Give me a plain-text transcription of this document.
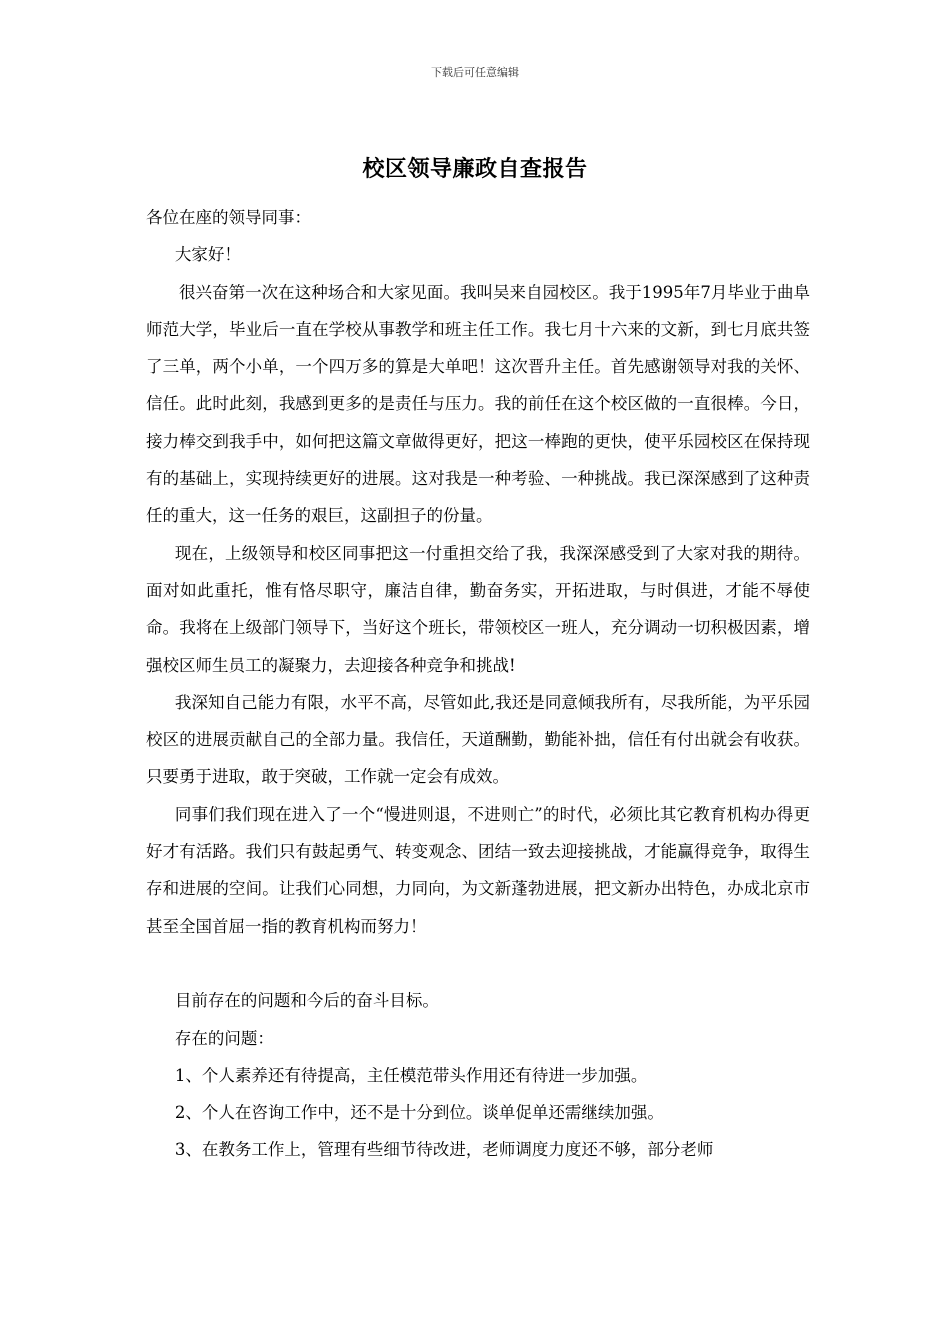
下载后可任意编辑
校区领导廉政自查报告

各位在座的领导同事：

大家好！

很兴奋第一次在这种场合和大家见面。我叫吴来自园校区。我于1995年7月毕业于曲阜师范大学，毕业后一直在学校从事教学和班主任工作。我七月十六来的文新，到七月底共签了三单，两个小单，一个四万多的算是大单吧！这次晋升主任。首先感谢领导对我的关怀、信任。此时此刻，我感到更多的是责任与压力。我的前任在这个校区做的一直很棒。今日，接力棒交到我手中，如何把这篇文章做得更好，把这一棒跑的更快，使平乐园校区在保持现有的基础上，实现持续更好的进展。这对我是一种考验、一种挑战。我已深深感到了这种责任的重大，这一任务的艰巨，这副担子的份量。

现在，上级领导和校区同事把这一付重担交给了我，我深深感受到了大家对我的期待。面对如此重托，惟有恪尽职守，廉洁自律，勤奋务实，开拓进取，与时俱进，才能不辱使命。我将在上级部门领导下，当好这个班长，带领校区一班人，充分调动一切积极因素，增强校区师生员工的凝聚力，去迎接各种竞争和挑战!

我深知自己能力有限，水平不高，尽管如此,我还是同意倾我所有，尽我所能，为平乐园校区的进展贡献自己的全部力量。我信任，天道酬勤，勤能补拙，信任有付出就会有收获。只要勇于进取，敢于突破，工作就一定会有成效。

同事们我们现在进入了一个“慢进则退，不进则亡”的时代，必须比其它教育机构办得更好才有活路。我们只有鼓起勇气、转变观念、团结一致去迎接挑战，才能赢得竞争，取得生存和进展的空间。让我们心同想，力同向，为文新蓬勃进展，把文新办出特色，办成北京市甚至全国首屈一指的教育机构而努力！

目前存在的问题和今后的奋斗目标。

存在的问题：

1、个人素养还有待提高，主任模范带头作用还有待进一步加强。

2、个人在咨询工作中，还不是十分到位。谈单促单还需继续加强。

3、在教务工作上，管理有些细节待改进，老师调度力度还不够，部分老师
